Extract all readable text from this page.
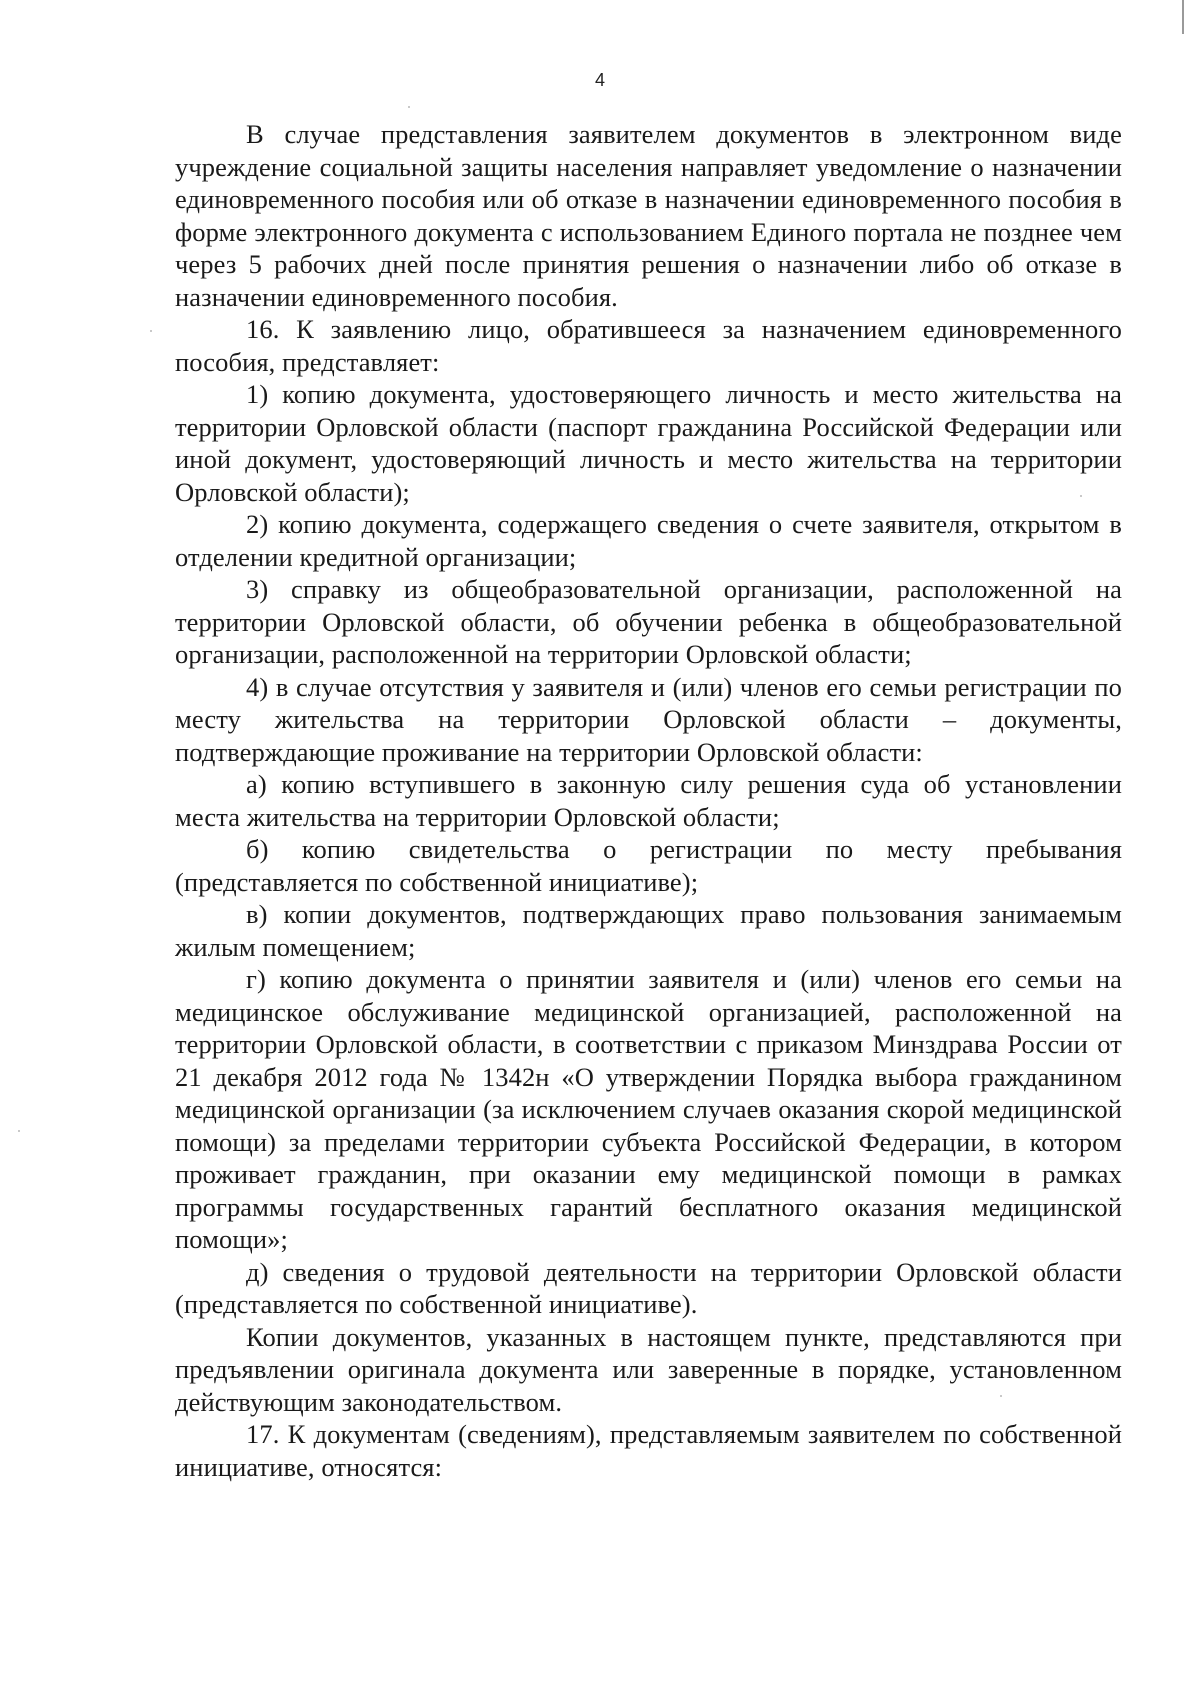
4

В случае представления заявителем документов в электронном виде учреждение социальной защиты населения направляет уведомление о назначении единовременного пособия или об отказе в назначении единовременного пособия в форме электронного документа с использованием Единого портала не позднее чем через 5 рабочих дней после принятия решения о назначении либо об отказе в назначении единовременного пособия.

16. К заявлению лицо, обратившееся за назначением единовременного пособия, представляет:

1) копию документа, удостоверяющего личность и место жительства на территории Орловской области (паспорт гражданина Российской Федерации или иной документ, удостоверяющий личность и место жительства на территории Орловской области);

2) копию документа, содержащего сведения о счете заявителя, открытом в отделении кредитной организации;

3) справку из общеобразовательной организации, расположенной на территории Орловской области, об обучении ребенка в общеобразовательной организации, расположенной на территории Орловской области;

4) в случае отсутствия у заявителя и (или) членов его семьи регистрации по месту жительства на территории Орловской области – документы, подтверждающие проживание на территории Орловской области:

а) копию вступившего в законную силу решения суда об установлении места жительства на территории Орловской области;

б) копию свидетельства о регистрации по месту пребывания (представляется по собственной инициативе);

в) копии документов, подтверждающих право пользования занимаемым жилым помещением;

г) копию документа о принятии заявителя и (или) членов его семьи на медицинское обслуживание медицинской организацией, расположенной на территории Орловской области, в соответствии с приказом Минздрава России от 21 декабря 2012 года № 1342н «О утверждении Порядка выбора гражданином медицинской организации (за исключением случаев оказания скорой медицинской помощи) за пределами территории субъекта Российской Федерации, в котором проживает гражданин, при оказании ему медицинской помощи в рамках программы государственных гарантий бесплатного оказания медицинской помощи»;

д) сведения о трудовой деятельности на территории Орловской области (представляется по собственной инициативе).

Копии документов, указанных в настоящем пункте, представляются при предъявлении оригинала документа или заверенные в порядке, установленном действующим законодательством.

17. К документам (сведениям), представляемым заявителем по собственной инициативе, относятся:
